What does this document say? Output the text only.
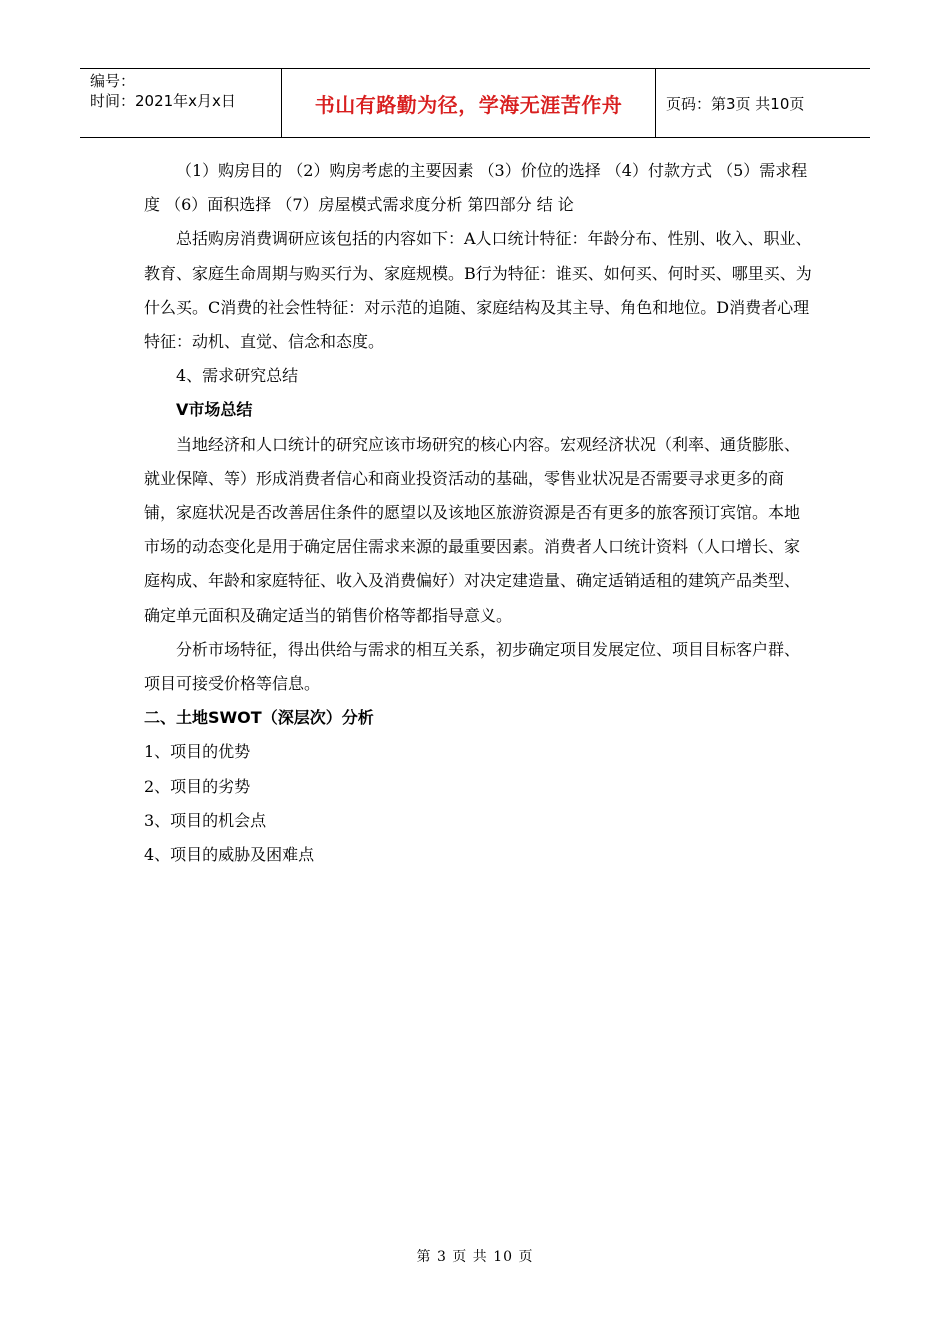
编号：
时间：2021年x月x日	书山有路勤为径，学海无涯苦作舟	页码：第3页 共10页

（1）购房目的 （2）购房考虑的主要因素 （3）价位的选择 （4）付款方式 （5）需求程度 （6）面积选择 （7）房屋模式需求度分析 第四部分 结 论

总括购房消费调研应该包括的内容如下：A人口统计特征：年龄分布、性别、收入、职业、教育、家庭生命周期与购买行为、家庭规模。B行为特征：谁买、如何买、何时买、哪里买、为什么买。C消费的社会性特征：对示范的追随、家庭结构及其主导、角色和地位。D消费者心理特征：动机、直觉、信念和态度。

4、需求研究总结

V市场总结

当地经济和人口统计的研究应该市场研究的核心内容。宏观经济状况（利率、通货膨胀、就业保障、等）形成消费者信心和商业投资活动的基础，零售业状况是否需要寻求更多的商铺，家庭状况是否改善居住条件的愿望以及该地区旅游资源是否有更多的旅客预订宾馆。本地市场的动态变化是用于确定居住需求来源的最重要因素。消费者人口统计资料（人口增长、家庭构成、年龄和家庭特征、收入及消费偏好）对决定建造量、确定适销适租的建筑产品类型、确定单元面积及确定适当的销售价格等都指导意义。

分析市场特征，得出供给与需求的相互关系，初步确定项目发展定位、项目目标客户群、项目可接受价格等信息。

二、土地SWOT（深层次）分析

1、项目的优势

2、项目的劣势

3、项目的机会点

4、项目的威胁及困难点

第 3 页 共 10 页
